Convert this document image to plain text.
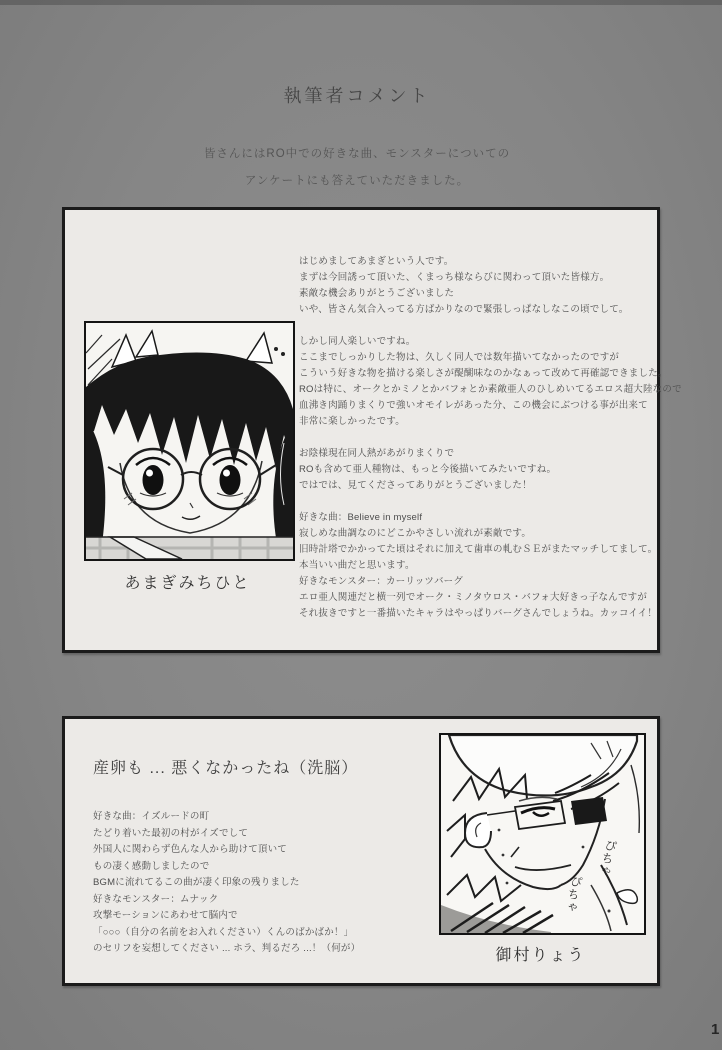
執筆者コメント
皆さんにはRO中での好きな曲、モンスターについての
アンケートにも答えていただきました。
あまぎみちひと
はじめましてあまぎという人です。
まずは今回誘って頂いた、くまっち様ならびに関わって頂いた皆様方。
素敵な機会ありがとうございました
いや、皆さん気合入ってる方ばかりなので緊張しっぱなしなこの頃でして。
しかし同人楽しいですね。
ここまでしっかりした物は、久しく同人では数年描いてなかったのですが
こういう好きな物を描ける楽しさが醍醐味なのかなぁって改めて再確認できました。
ROは特に、オークとかミノとかバフォとか素敵亜人のひしめいてるエロス超大陸なので
血沸き肉踊りまくりで強いオモイレがあった分、この機会にぶつける事が出来て
非常に楽しかったです。
お陰様現在同人熱があがりまくりで
ROも含めて亜人種物は、もっと今後描いてみたいですね。
ではでは、見てくださってありがとうございました！
好きな曲：Believe in myself
寂しめな曲調なのにどこかやさしい流れが素敵です。
旧時計塔でかかってた頃はそれに加えて歯車の軋むＳＥがまたマッチしてまして。
本当いい曲だと思います。
好きなモンスター：カーリッツバーグ
エロ亜人関連だと横一列でオーク・ミノタウロス・バフォ大好きっ子なんですが
それ抜きですと一番描いたキャラはやっぱりバーグさんでしょうね。カッコイイ！
産卵も ... 悪くなかったね（洗脳）
好きな曲：イズルードの町
たどり着いた最初の村がイズでして
外国人に関わらず色んな人から助けて頂いて
もの凄く感動しましたので
BGMに流れてるこの曲が凄く印象の残りました
好きなモンスター：ムナック
攻撃モーションにあわせて脳内で
「○○○（自分の名前をお入れください）くんのばかばか！」
のセリフを妄想してください ... ホラ、判るだろ ...！（何が）
ぴちゃ
ぴちゃ
御村りょう
1
